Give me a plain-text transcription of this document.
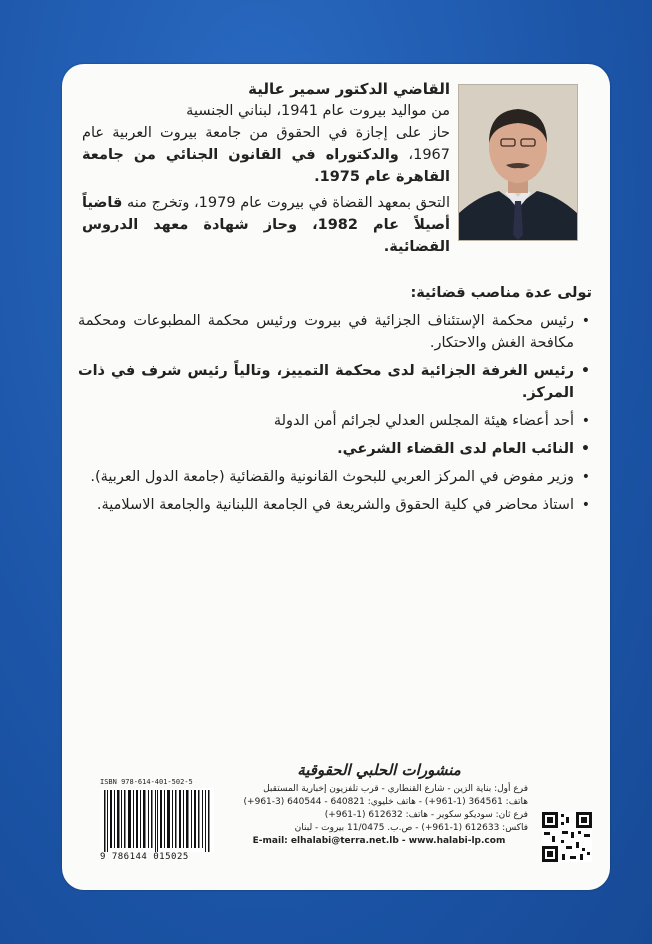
القاضي الدكتور سمير عالية

من مواليد بيروت عام 1941، لبناني الجنسية

حاز على إجازة في الحقوق من جامعة بيروت العربية عام 1967، والدكتوراه في القانون الجنائي من جامعة القاهرة عام 1975.

التحق بمعهد القضاة في بيروت عام 1979، وتخرج منه قاضياً أصيلاً عام 1982، وحاز شهادة معهد الدروس القضائية.

تولى عدة مناصب قضائية:

• رئيس محكمة الإستئناف الجزائية في بيروت ورئيس محكمة المطبوعات ومحكمة مكافحة الغش والاحتكار.
• رئيس الغرفة الجزائية لدى محكمة التمييز، وتالياً رئيس شرف في ذات المركز.
• أحد أعضاء هيئة المجلس العدلي لجرائم أمن الدولة
• النائب العام لدى القضاء الشرعي.
• وزير مفوض في المركز العربي للبحوث القانونية والقضائية (جامعة الدول العربية).
• استاذ محاضر في كلية الحقوق والشريعة في الجامعة اللبنانية والجامعة الاسلامية.
ISBN 978-614-401-502-5
9 786144 015025
منشورات الحلبي الحقوقية
فرع أول: بناية الزين - شارع القنطاري - قرب تلفزيون إخبارية المستقبل
هاتف: 364561 (1-961+) - هاتف خليوي: 640821 - 640544 (3-961+)
فرع ثان: سوديكو سكوير - هاتف: 612632 (1-961+)
فاكس: 612633 (1-961+) - ص.ب. 11/0475 بيروت - لبنان
E-mail: elhalabi@terra.net.lb - www.halabi-lp.com
